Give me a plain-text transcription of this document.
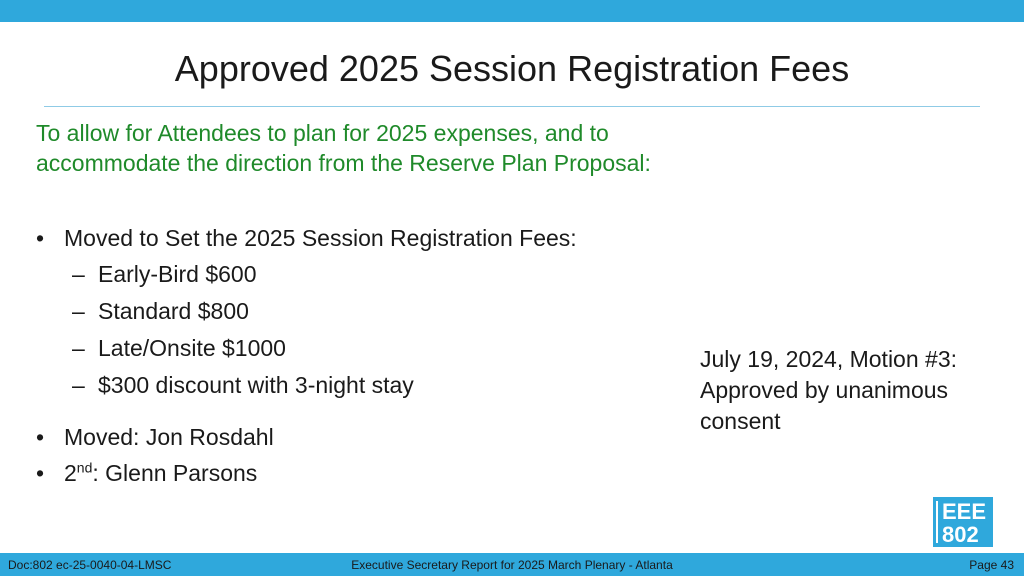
Approved 2025 Session Registration Fees
To allow for Attendees to plan for 2025 expenses, and to
accommodate the direction from the Reserve Plan Proposal:
• Moved to Set the 2025 Session Registration Fees:
– Early-Bird $600
– Standard $800
– Late/Onsite $1000
– $300 discount with 3-night stay
• Moved: Jon Rosdahl
• 2nd: Glenn Parsons
July 19, 2024, Motion #3:
Approved by unanimous
consent
EEE
802
Doc:802 ec-25-0040-04-LMSC	Executive Secretary Report for 2025 March Plenary - Atlanta	Page 43
